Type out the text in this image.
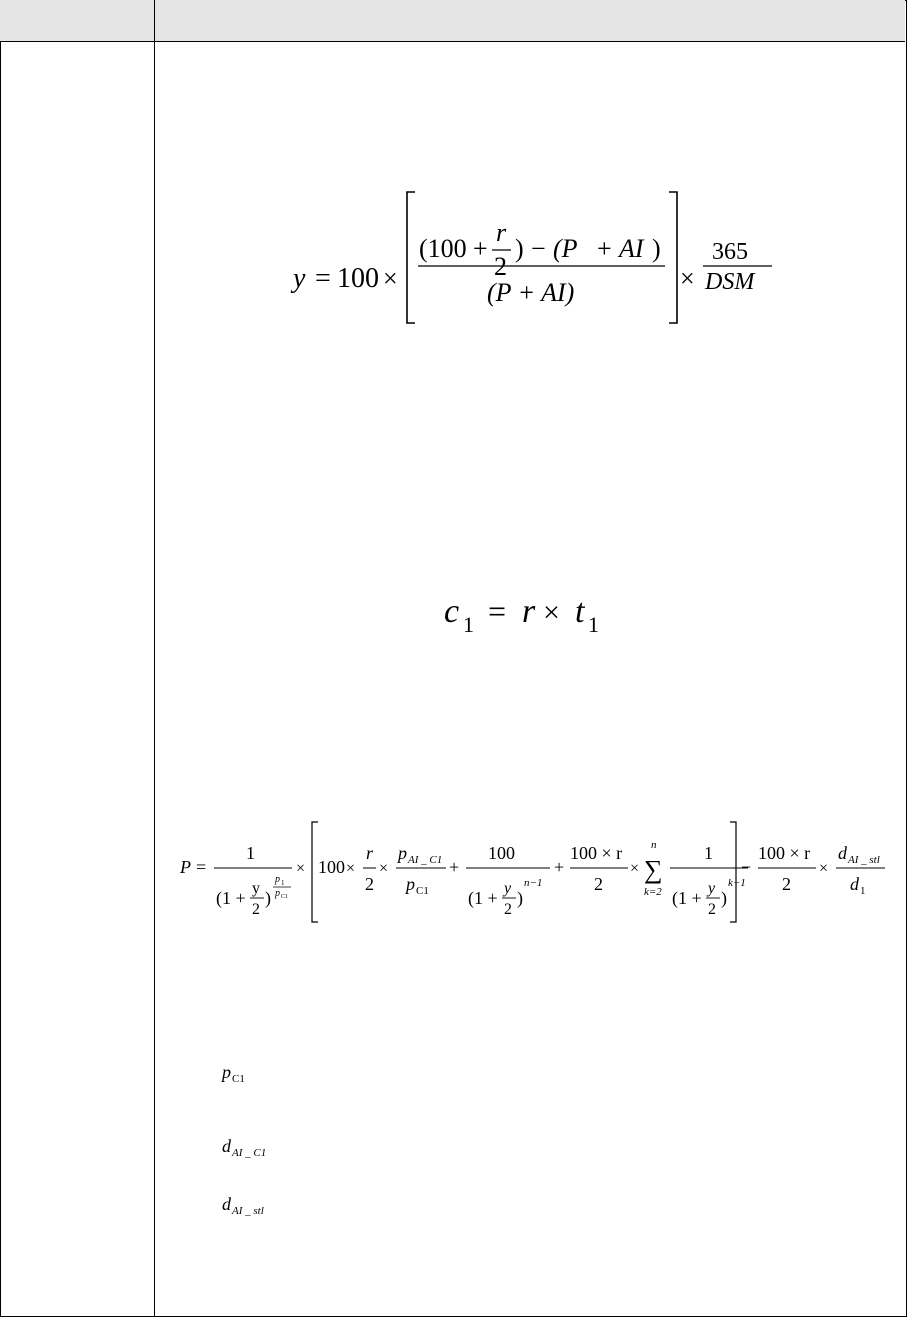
y = 100 ×
(100 +
r
2
) − (P + AI )
(P + AI)	×
365
DSM
c 1 = r × t 1
P =
1
(1 + y
2
)
p 1
p C1
× 100 ×
r
2
×
p AI _ C1
p C1
+
100
(1 + y
2
)
n−1
+
100 × r
2
×
n
∑
k=2
1
(1 + y
2
)
k−1
−
100 × r
2
×
d AI _ stl
d 1
p C1
d AI _ C1
d AI _ stl
